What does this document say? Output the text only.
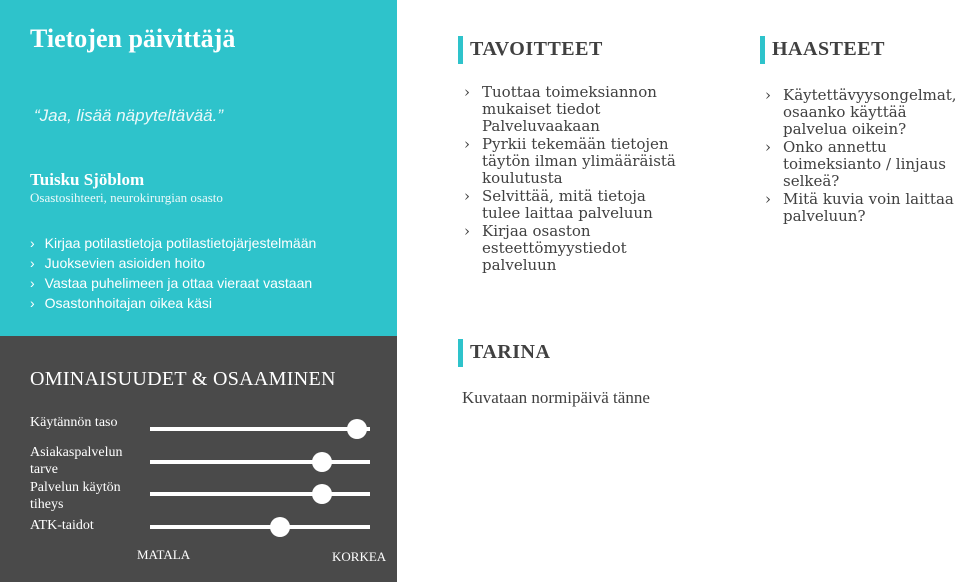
Tietojen päivittäjä
“Jaa, lisää näpyteltävää.”
Tuisku Sjöblom
Osastosihteeri, neurokirurgian osasto
› Kirjaa potilastietoja potilastietojärjestelmään
› Juoksevien asioiden hoito
› Vastaa puhelimeen ja ottaa vieraat vastaan
› Osastonhoitajan oikea käsi
OMINAISUUDET & OSAAMINEN
Käytännön taso
Asiakaspalvelun tarve
Palvelun käytön tiheys
ATK-taidot
MATALA	KORKEA
TAVOITTEET
› Tuottaa toimeksiannon mukaiset tiedot Palveluvaakaan
› Pyrkii tekemään tietojen täytön ilman ylimääräistä koulutusta
› Selvittää, mitä tietoja tulee laittaa palveluun
› Kirjaa osaston esteettömyystiedot palveluun
HAASTEET
› Käytettävyysongelmat, osaanko käyttää palvelua oikein?
› Onko annettu toimeksianto / linjaus selkeä?
› Mitä kuvia voin laittaa palveluun?
TARINA
Kuvataan normipäivä tänne
